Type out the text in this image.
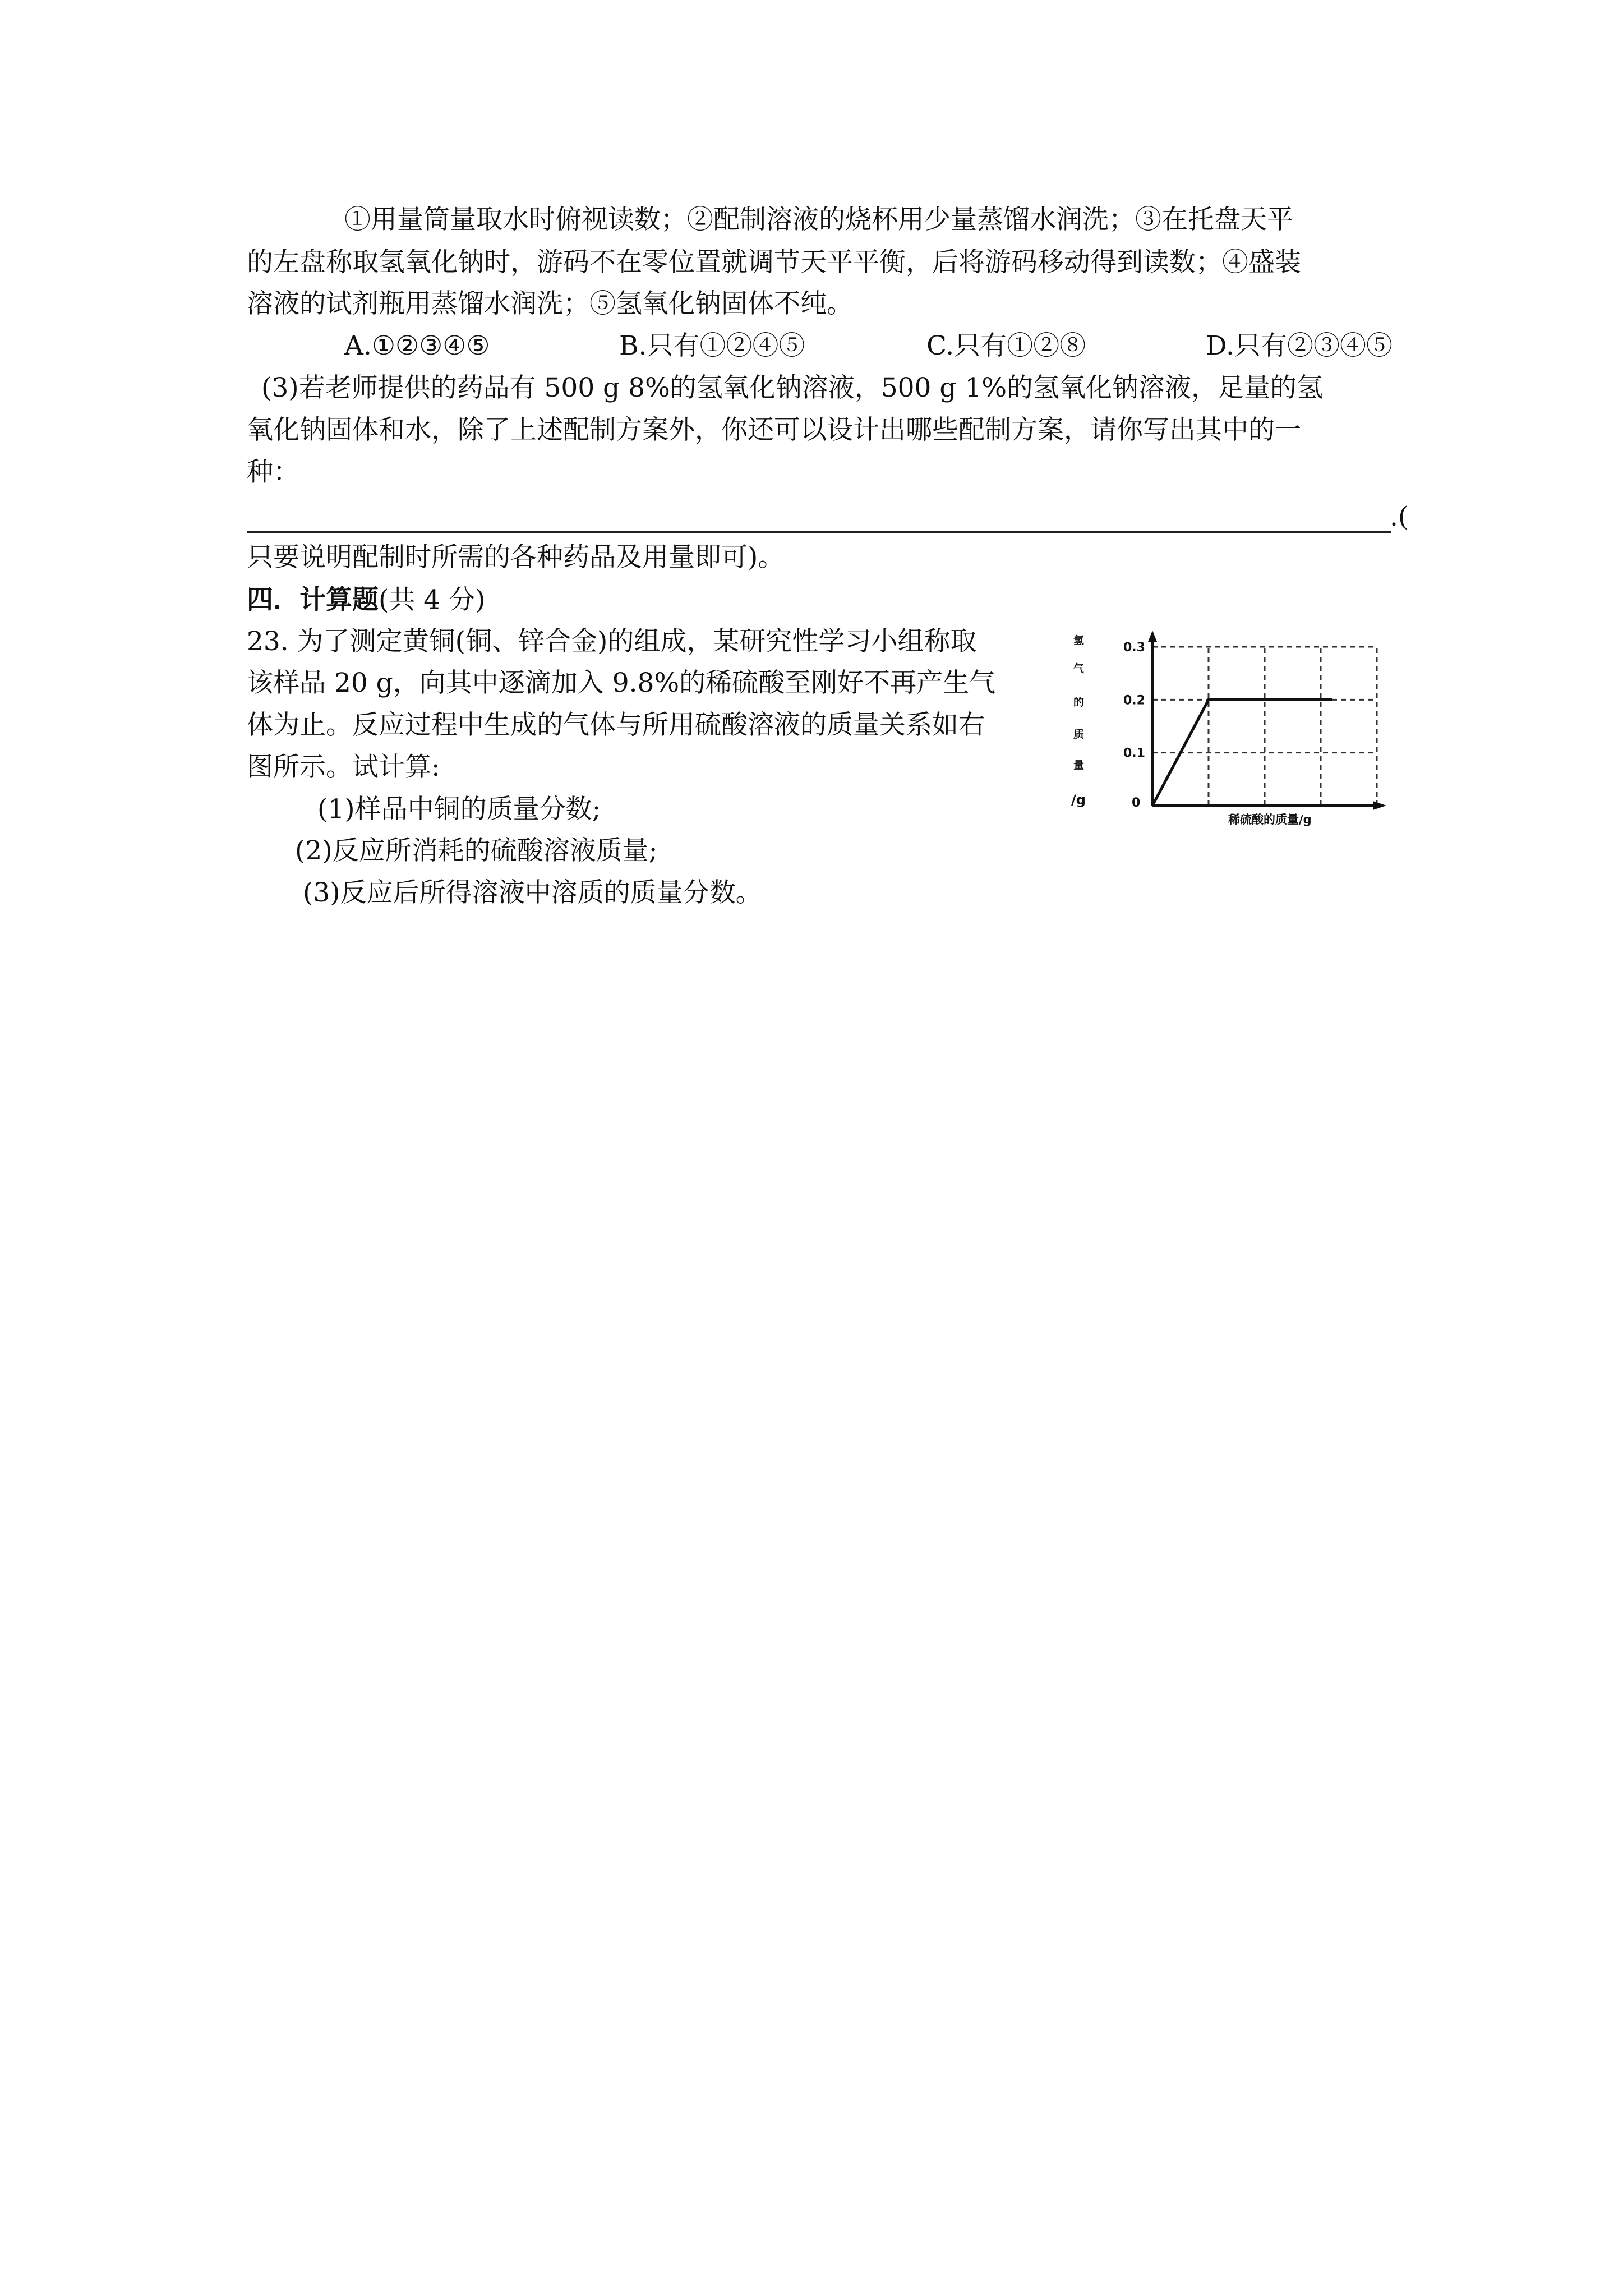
①用量筒量取水时俯视读数；②配制溶液的烧杯用少量蒸馏水润洗；③在托盘天平
的左盘称取氢氧化钠时，游码不在零位置就调节天平平衡，后将游码移动得到读数；④盛装
溶液的试剂瓶用蒸馏水润洗；⑤氢氧化钠固体不纯。
A.①②③④⑤	B.只有①②④⑤	C.只有①②⑧	D.只有②③④⑤
(3)若老师提供的药品有 500 g 8%的氢氧化钠溶液，500 g 1%的氢氧化钠溶液，足量的氢
氧化钠固体和水，除了上述配制方案外，你还可以设计出哪些配制方案，请你写出其中的一
种：
.(
只要说明配制时所需的各种药品及用量即可)。
四．计算题(共 4 分)
23. 为了测定黄铜(铜、锌合金)的组成，某研究性学习小组称取
该样品 20 g，向其中逐滴加入 9.8%的稀硫酸至刚好不再产生气
体为止。反应过程中生成的气体与所用硫酸溶液的质量关系如右
图所示。试计算:
(1)样品中铜的质量分数;
(2)反应所消耗的硫酸溶液质量;
(3)反应后所得溶液中溶质的质量分数。
氢
气
的
质
量
/g
0.1
0.2
0.3
0
稀硫酸的质量/g
